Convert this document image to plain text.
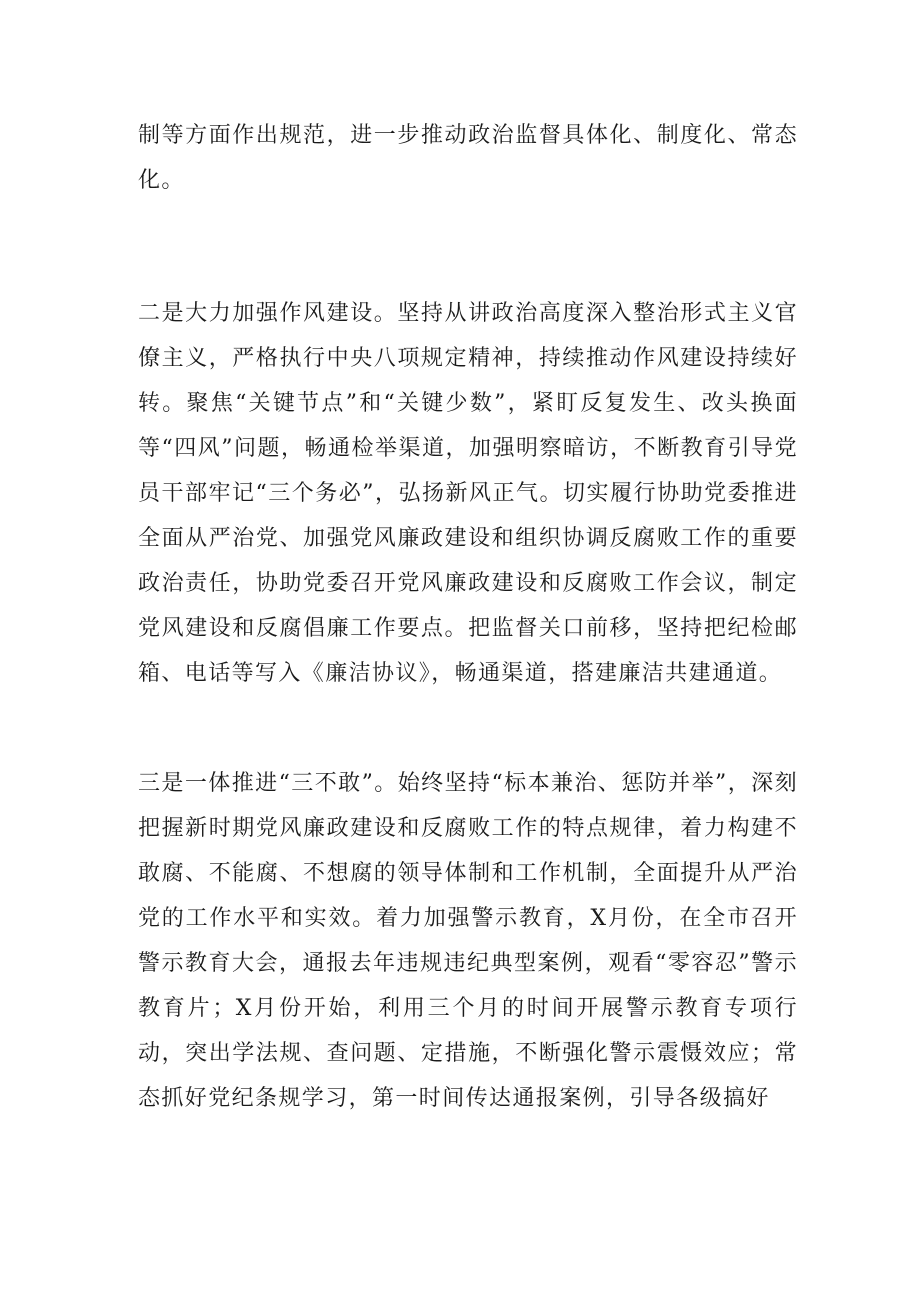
制等方面作出规范，进一步推动政治监督具体化、制度化、常态化。

二是大力加强作风建设。坚持从讲政治高度深入整治形式主义官僚主义，严格执行中央八项规定精神，持续推动作风建设持续好转。聚焦“关键节点”和“关键少数”，紧盯反复发生、改头换面等“四风”问题，畅通检举渠道，加强明察暗访，不断教育引导党员干部牢记“三个务必”，弘扬新风正气。切实履行协助党委推进全面从严治党、加强党风廉政建设和组织协调反腐败工作的重要政治责任，协助党委召开党风廉政建设和反腐败工作会议，制定党风建设和反腐倡廉工作要点。把监督关口前移，坚持把纪检邮箱、电话等写入《廉洁协议》，畅通渠道，搭建廉洁共建通道。

三是一体推进“三不敢”。始终坚持“标本兼治、惩防并举”，深刻把握新时期党风廉政建设和反腐败工作的特点规律，着力构建不敢腐、不能腐、不想腐的领导体制和工作机制，全面提升从严治党的工作水平和实效。着力加强警示教育，X月份，在全市召开警示教育大会，通报去年违规违纪典型案例，观看“零容忍”警示教育片；X月份开始，利用三个月的时间开展警示教育专项行动，突出学法规、查问题、定措施，不断强化警示震慑效应；常态抓好党纪条规学习，第一时间传达通报案例，引导各级搞好
